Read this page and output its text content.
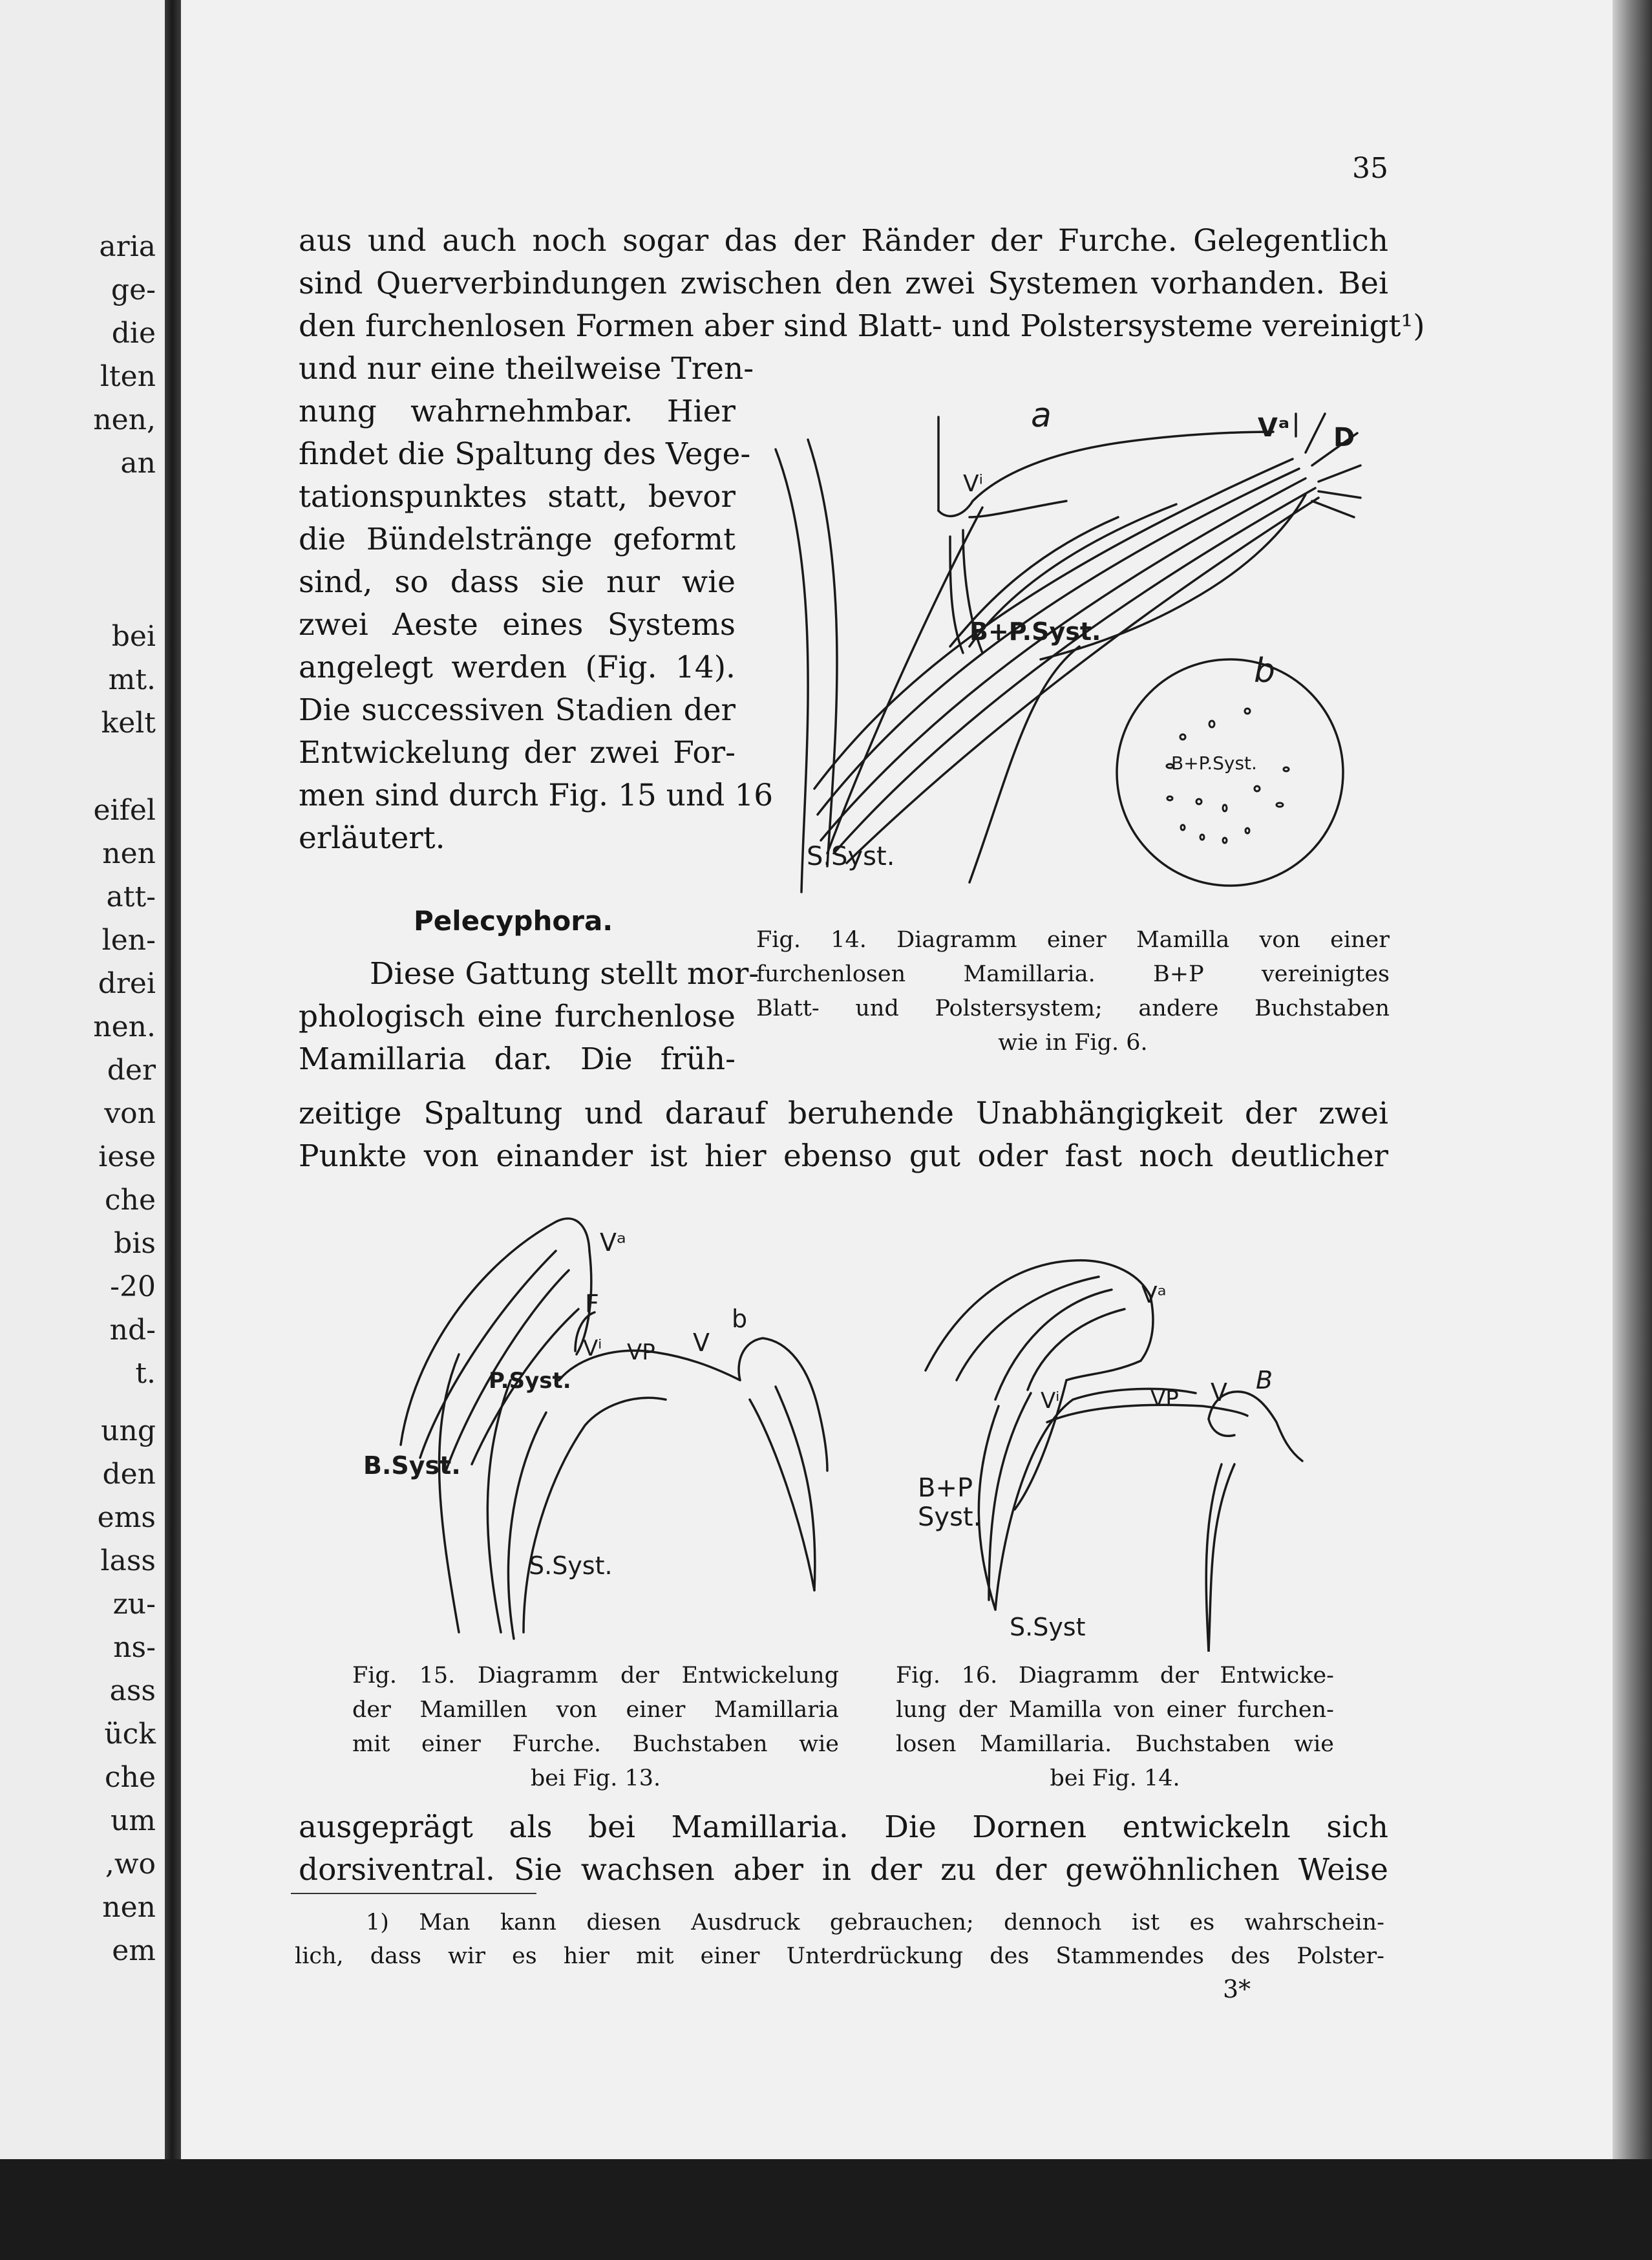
aria
ge-
die
lten
nen,
an
bei
mt.
kelt
eifel
nen
att-
len-
drei
nen.
der
von
iese
che
bis
-20
nd-
t.
ung
den
ems
lass
zu-
ns-
ass
ück
che
um
,wo
nen
em
35
aus und auch noch sogar das der Ränder der Furche. Gelegentlich
sind Querverbindungen zwischen den zwei Systemen vorhanden. Bei
den furchenlosen Formen aber sind Blatt- und Polstersysteme vereinigt¹)
und nur eine theilweise Tren-
nung wahrnehmbar. Hier
findet die Spaltung des Vege-
tationspunktes statt, bevor
die Bündelstränge geformt
sind, so dass sie nur wie
zwei Aeste eines Systems
angelegt werden (Fig. 14).
Die successiven Stadien der
Entwickelung der zwei For-
men sind durch Fig. 15 und 16
erläutert.
Pelecyphora.
Diese Gattung stellt mor-
phologisch eine furchenlose
Mamillaria dar. Die früh-
zeitige Spaltung und darauf beruhende Unabhängigkeit der zwei
Punkte von einander ist hier ebenso gut oder fast noch deutlicher
a
b
Vᵃ D
Vⁱ
B+P.Syst.
B+P.Syst.
S.Syst.
Fig. 14. Diagramm einer Mamilla von einer
furchenlosen Mamillaria. B+P vereinigtes
Blatt- und Polstersystem; andere Buchstaben
wie in Fig. 6.
Vᵃ
F
Vⁱ VP V
b
P.Syst.
B.Syst.
S.Syst.
Fig. 15. Diagramm der Entwickelung
der Mamillen von einer Mamillaria
mit einer Furche. Buchstaben wie
bei Fig. 13.
Vᵃ
Vⁱ	VP V B
B+P
Syst.
S.Syst
Fig. 16. Diagramm der Entwicke-
lung der Mamilla von einer furchen-
losen Mamillaria. Buchstaben wie
bei Fig. 14.
ausgeprägt als bei Mamillaria. Die Dornen entwickeln sich
dorsiventral. Sie wachsen aber in der zu der gewöhnlichen Weise
1) Man kann diesen Ausdruck gebrauchen; dennoch ist es wahrschein-
lich, dass wir es hier mit einer Unterdrückung des Stammendes des Polster-
3*
